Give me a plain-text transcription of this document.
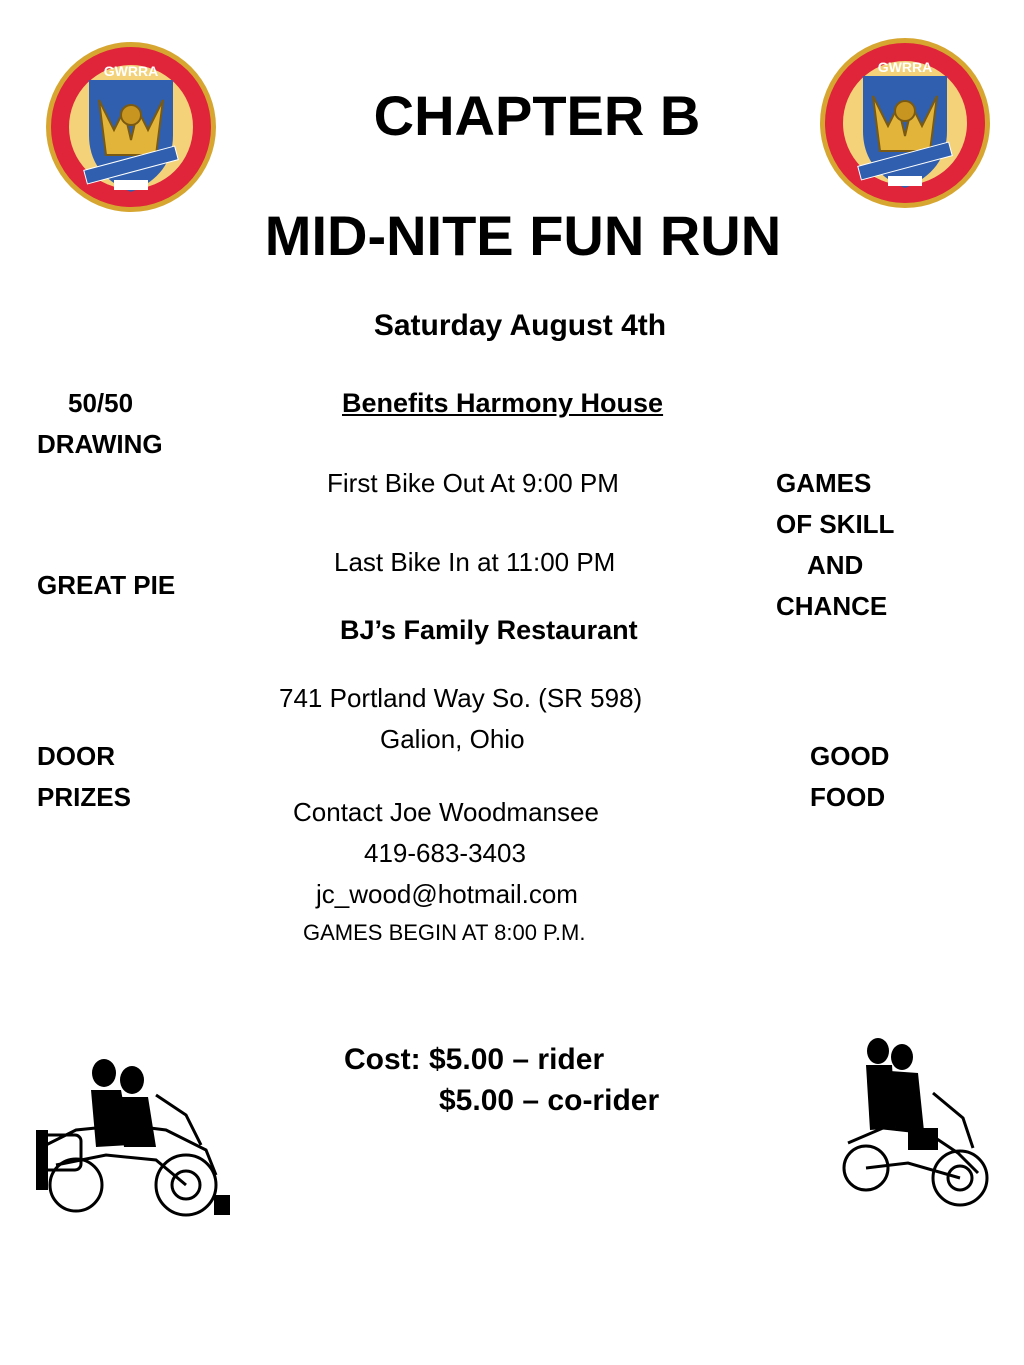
GWRRA	GWRRA
CHAPTER B
MID-NITE FUN RUN
Saturday August 4th
50/50
DRAWING
GREAT PIE
DOOR
PRIZES
Benefits Harmony House
First Bike Out At 9:00 PM
Last Bike In at 11:00 PM
BJ’s Family Restaurant
741 Portland Way So. (SR 598)
Galion, Ohio
Contact Joe Woodmansee
419-683-3403
jc_wood@hotmail.com
GAMES BEGIN AT 8:00 P.M.
GAMES
OF SKILL
AND
CHANCE
GOOD
FOOD
Cost: $5.00 – rider
$5.00 – co-rider
